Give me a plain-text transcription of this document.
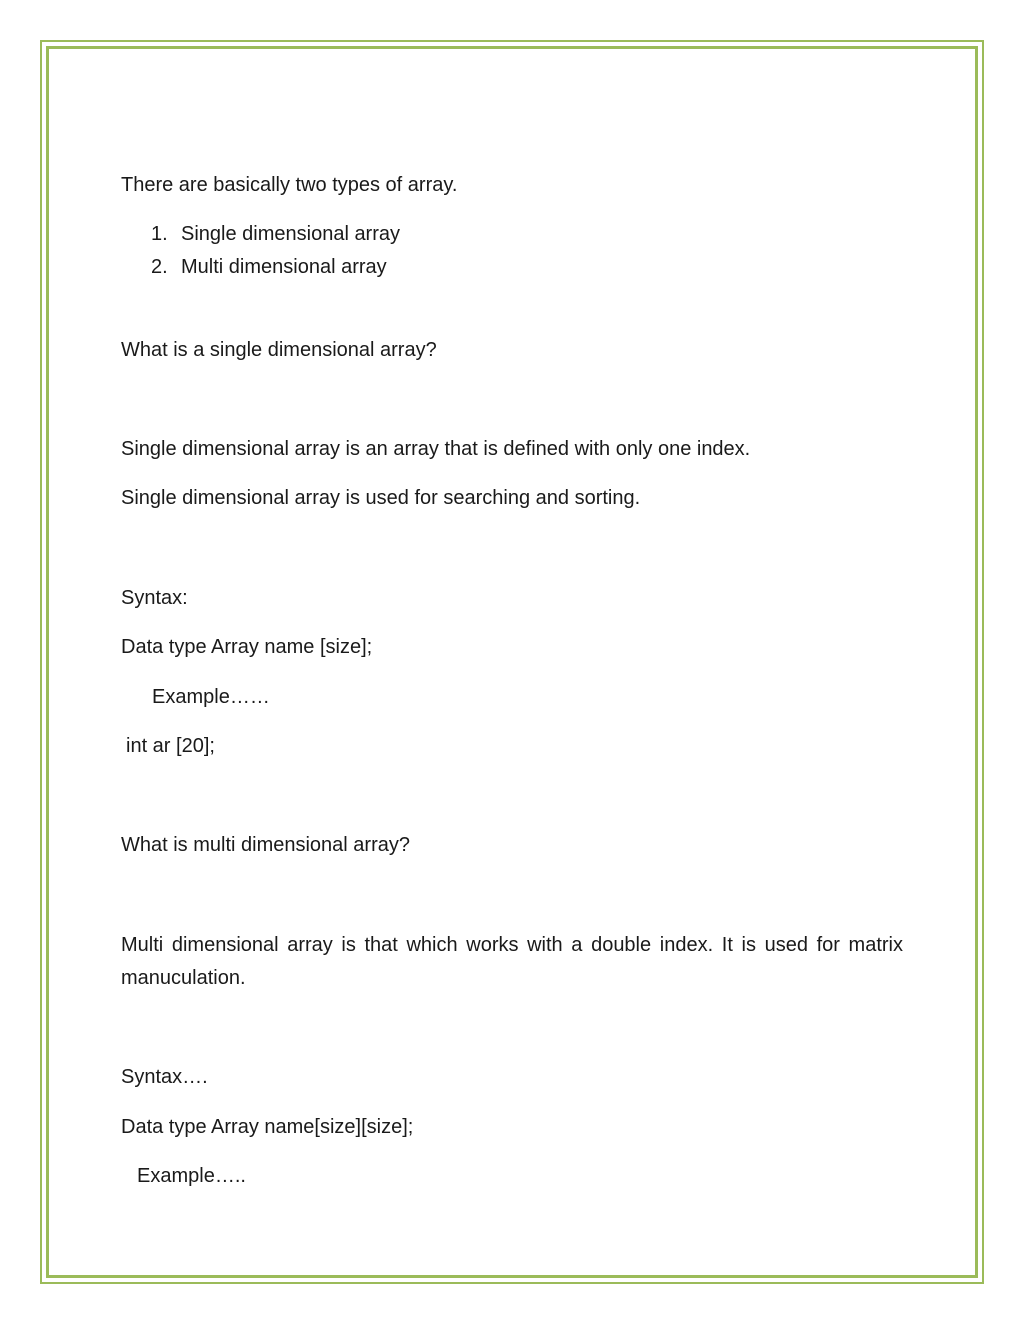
There are basically two types of array.
1. Single dimensional array
2. Multi dimensional array
What is a single dimensional array?
Single dimensional array is an array that is defined with only one index.
Single dimensional array is used for searching and sorting.
Syntax:
Data type Array name [size];
Example……
int ar [20];
What is multi dimensional array?
Multi dimensional array is that which works with a double index. It is used for matrix manuculation.
Syntax….
Data type Array name[size][size];
Example…..
